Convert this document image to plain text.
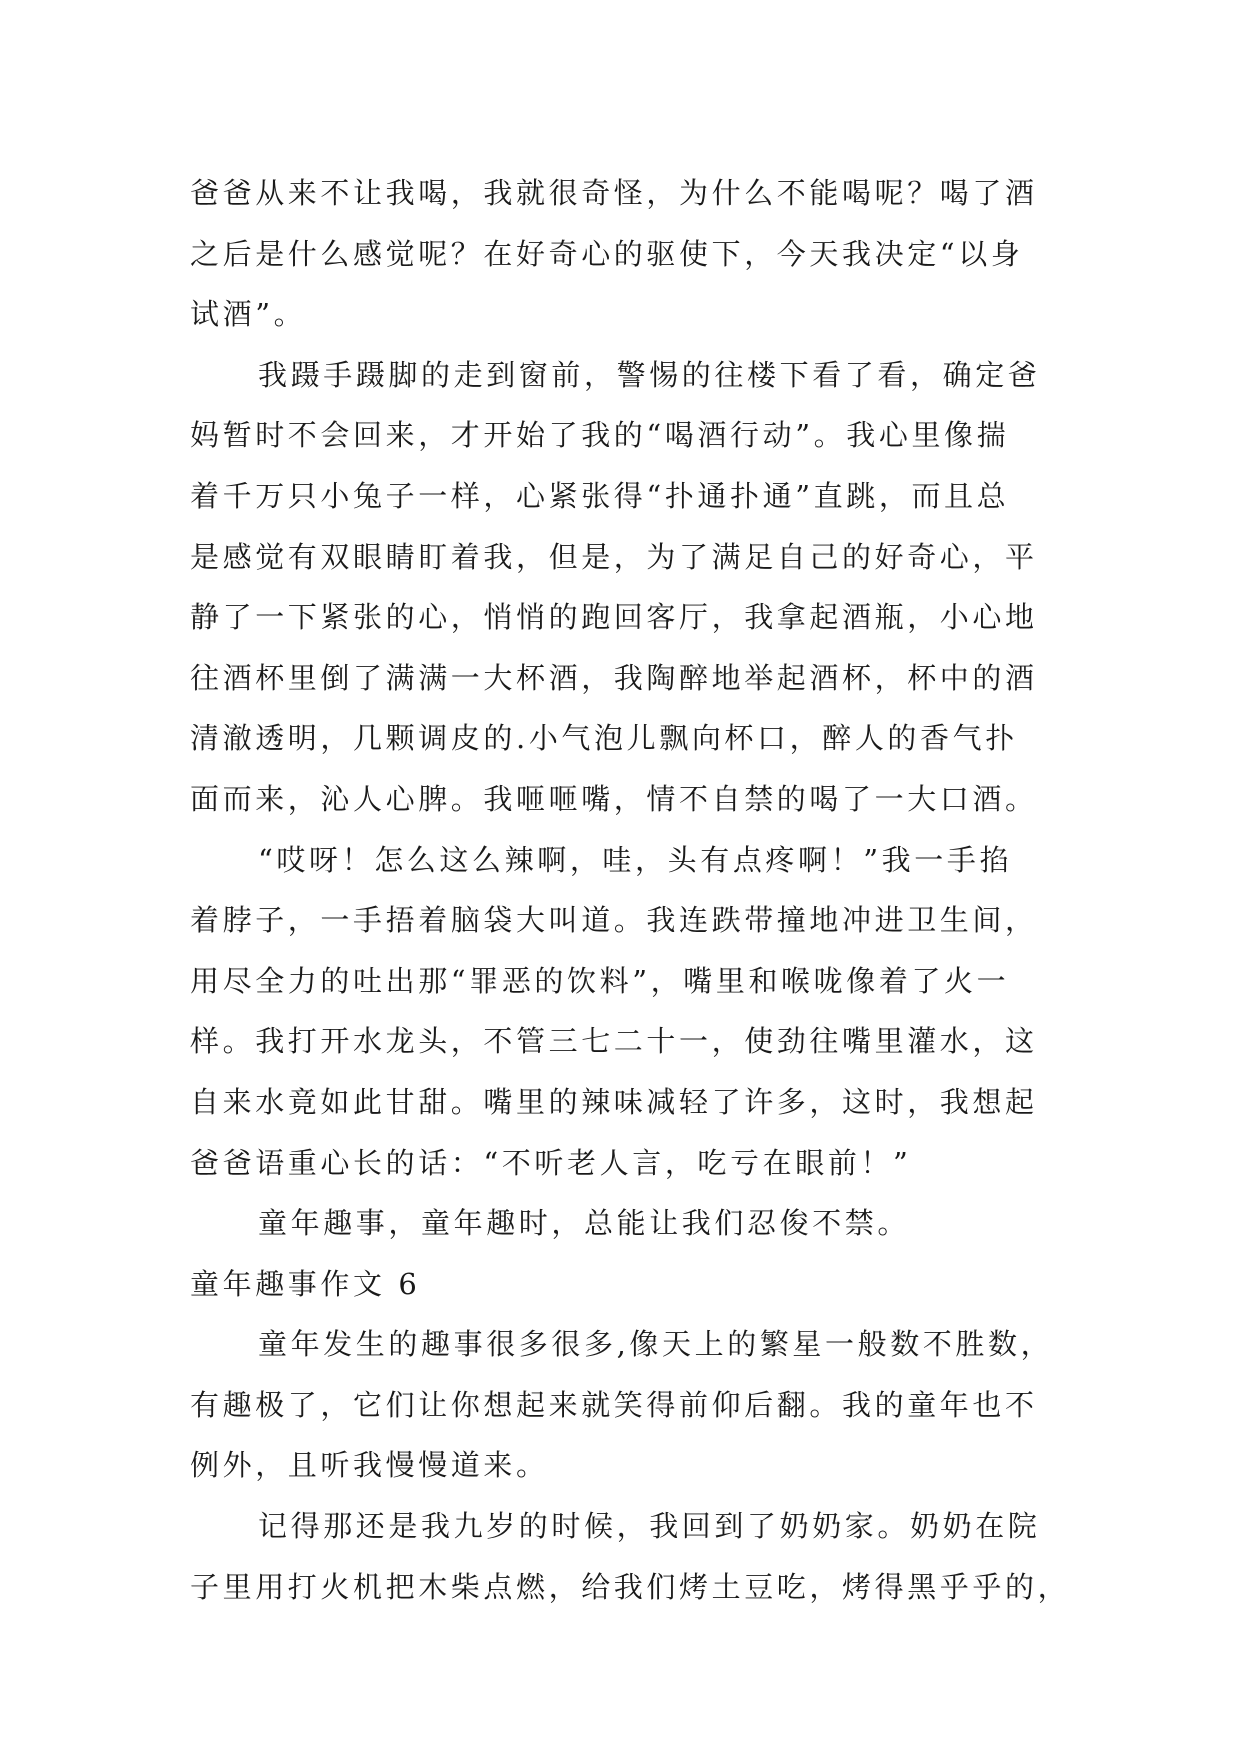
爸爸从来不让我喝，我就很奇怪，为什么不能喝呢？喝了酒
之后是什么感觉呢？在好奇心的驱使下，今天我决定“以身
试酒”。
我蹑手蹑脚的走到窗前，警惕的往楼下看了看，确定爸
妈暂时不会回来，才开始了我的“喝酒行动”。我心里像揣
着千万只小兔子一样，心紧张得“扑通扑通”直跳，而且总
是感觉有双眼睛盯着我，但是，为了满足自己的好奇心，平
静了一下紧张的心，悄悄的跑回客厅，我拿起酒瓶，小心地
往酒杯里倒了满满一大杯酒，我陶醉地举起酒杯，杯中的酒
清澈透明，几颗调皮的.小气泡儿飘向杯口，醉人的香气扑
面而来，沁人心脾。我咂咂嘴，情不自禁的喝了一大口酒。
“哎呀！怎么这么辣啊，哇，头有点疼啊！”我一手掐
着脖子，一手捂着脑袋大叫道。我连跌带撞地冲进卫生间，
用尽全力的吐出那“罪恶的饮料”，嘴里和喉咙像着了火一
样。我打开水龙头，不管三七二十一，使劲往嘴里灌水，这
自来水竟如此甘甜。嘴里的辣味减轻了许多，这时，我想起
爸爸语重心长的话：“不听老人言，吃亏在眼前！”
童年趣事，童年趣时，总能让我们忍俊不禁。
童年趣事作文 6
童年发生的趣事很多很多,像天上的繁星一般数不胜数，
有趣极了，它们让你想起来就笑得前仰后翻。我的童年也不
例外，且听我慢慢道来。
记得那还是我九岁的时候，我回到了奶奶家。奶奶在院
子里用打火机把木柴点燃，给我们烤土豆吃，烤得黑乎乎的，
